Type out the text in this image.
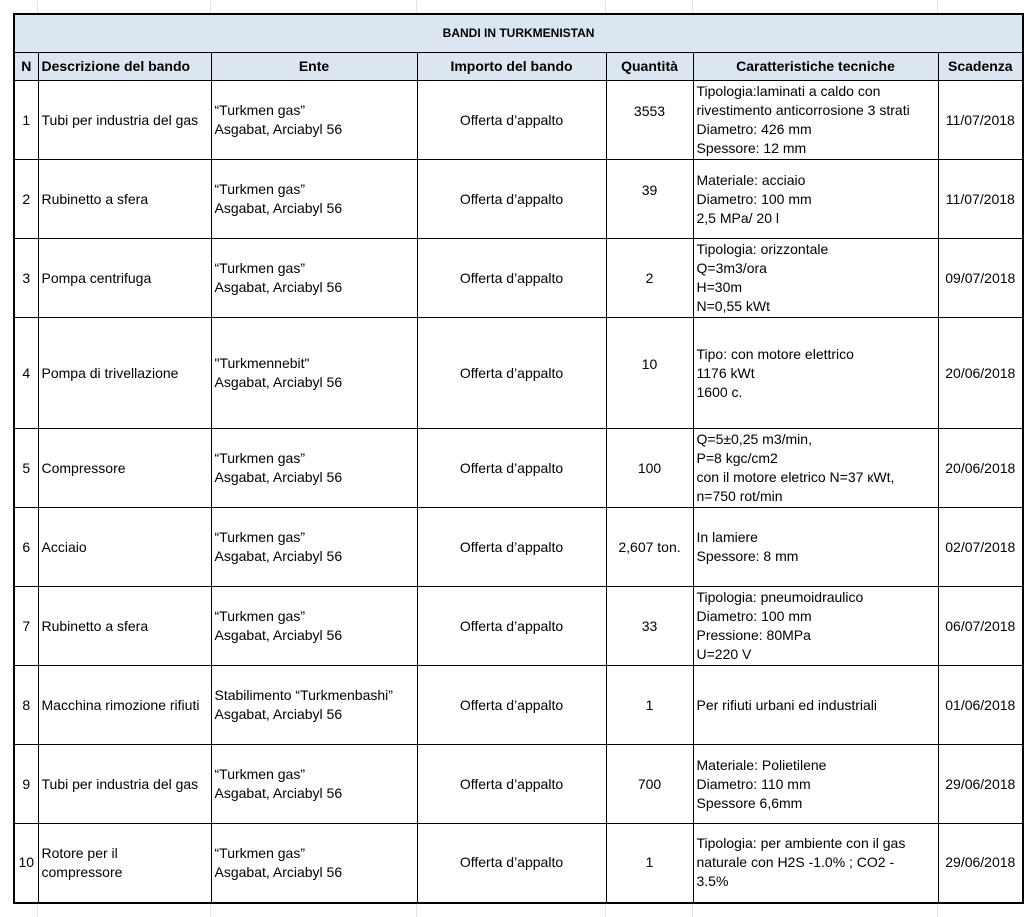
BANDI IN TURKMENISTAN						
N	Descrizione del bando	Ente	Importo del bando	Quantità	Caratteristiche tecniche	Scadenza
1	Tubi per industria del gas	“Turkmen gas”
Asgabat, Arciabyl 56	Offerta d’appalto	3553	Tipologia:laminati a caldo con
rivestimento anticorrosione 3 strati
Diametro: 426 mm
Spessore: 12 mm	11/07/2018
2	Rubinetto a sfera	“Turkmen gas”
Asgabat, Arciabyl 56	Offerta d’appalto	39	Materiale: acciaio
Diametro: 100 mm
2,5 MPa/ 20 l	11/07/2018
3	Pompa centrifuga	“Turkmen gas”
Asgabat, Arciabyl 56	Offerta d’appalto	2	Tipologia: orizzontale
Q=3m3/ora
H=30m
N=0,55 kWt	09/07/2018
4	Pompa di trivellazione	"Turkmennebit"
Asgabat, Arciabyl 56	Offerta d’appalto	10	Tipo: con motore elettrico
1176 kWt
1600 c.	20/06/2018
5	Compressore	“Turkmen gas”
Asgabat, Arciabyl 56	Offerta d’appalto	100	Q=5±0,25 m3/min,
P=8 kgc/cm2
con il motore eletrico N=37 кWt,
n=750 rot/min	20/06/2018
6	Acciaio	“Turkmen gas”
Asgabat, Arciabyl 56	Offerta d’appalto	2,607 ton.	In lamiere
Spessore: 8 mm	02/07/2018
7	Rubinetto a sfera	“Turkmen gas”
Asgabat, Arciabyl 56	Offerta d’appalto	33	Tipologia: pneumoidraulico
Diametro: 100 mm
Pressione: 80MPa
U=220 V	06/07/2018
8	Macchina rimozione rifiuti	Stabilimento “Turkmenbashi”
Asgabat, Arciabyl 56	Offerta d’appalto	1	Per rifiuti urbani ed industriali	01/06/2018
9	Tubi per industria del gas	“Turkmen gas”
Asgabat, Arciabyl 56	Offerta d’appalto	700	Materiale: Polietilene
Diametro: 110 mm
Spessore 6,6mm	29/06/2018
10	Rotore per il
compressore	“Turkmen gas”
Asgabat, Arciabyl 56	Offerta d’appalto	1	Tipologia: per ambiente con il gas
naturale con H2S -1.0% ; CO2 -
3.5%	29/06/2018
